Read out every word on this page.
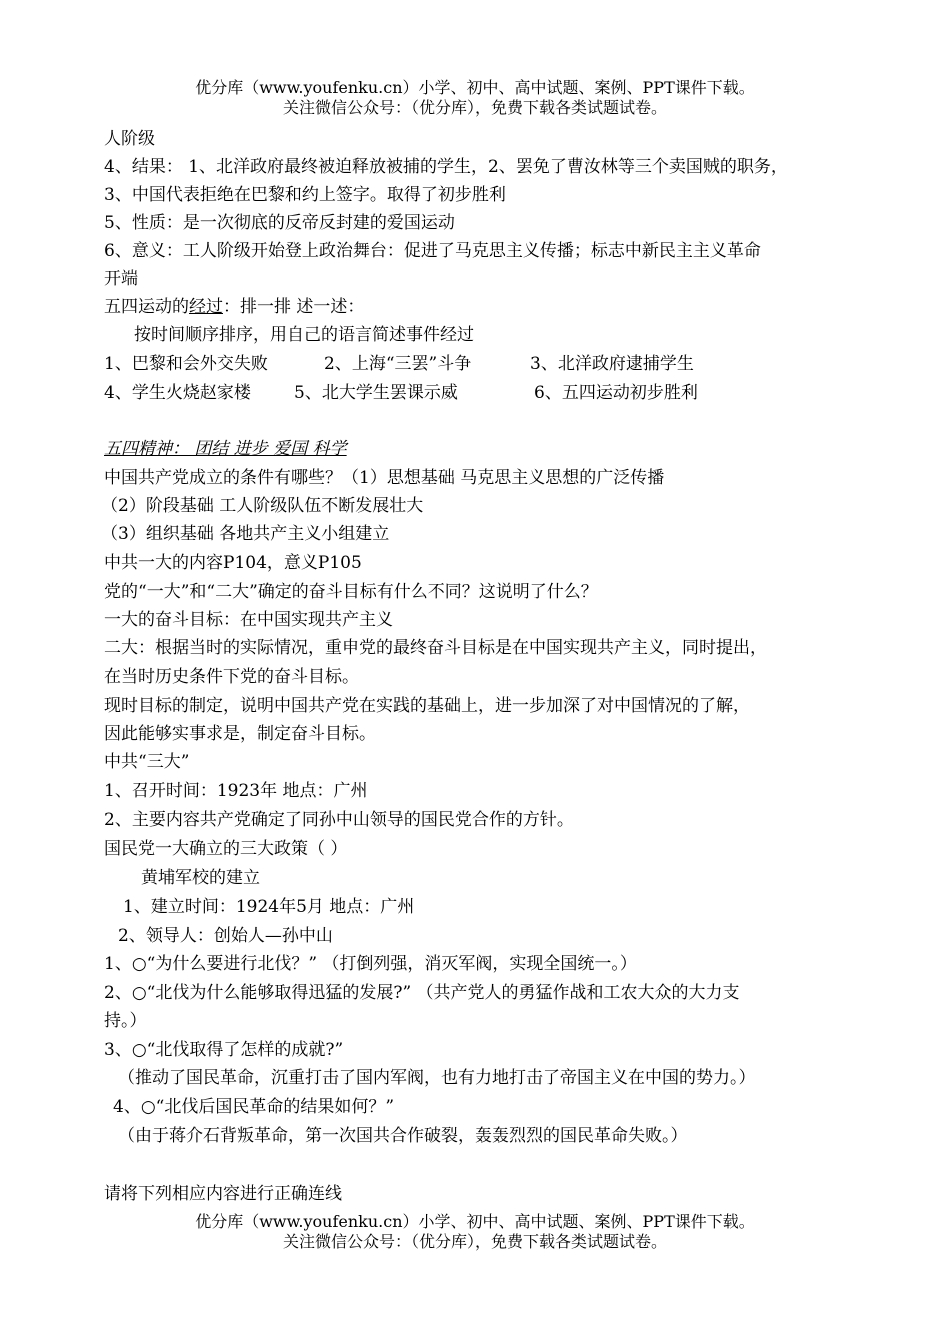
优分库（www.youfenku.cn）小学、初中、高中试题、案例、PPT课件下载。
关注微信公众号：（优分库），免费下载各类试题试卷。
人阶级
4、结果： 1、北洋政府最终被迫释放被捕的学生，2、罢免了曹汝林等三个卖国贼的职务，
3、中国代表拒绝在巴黎和约上签字。取得了初步胜利
5、性质：是一次彻底的反帝反封建的爱国运动
6、意义：工人阶级开始登上政治舞台：促进了马克思主义传播；标志中新民主主义革命
开端
五四运动的经过：排一排 述一述：
按时间顺序排序，用自己的语言简述事件经过
1、巴黎和会外交失败	2、上海“三罢”斗争	3、北洋政府逮捕学生
4、学生火烧赵家楼	5、北大学生罢课示威	6、五四运动初步胜利
五四精神： 团结 进步 爱国 科学
中国共产党成立的条件有哪些？（1）思想基础 马克思主义思想的广泛传播
（2）阶段基础 工人阶级队伍不断发展壮大
（3）组织基础 各地共产主义小组建立
中共一大的内容P104，意义P105
党的“一大”和“二大”确定的奋斗目标有什么不同？这说明了什么？
一大的奋斗目标：在中国实现共产主义
二大：根据当时的实际情况，重申党的最终奋斗目标是在中国实现共产主义，同时提出，
在当时历史条件下党的奋斗目标。
现时目标的制定，说明中国共产党在实践的基础上，进一步加深了对中国情况的了解，
因此能够实事求是，制定奋斗目标。
中共“三大”
1、召开时间：1923年 地点：广州
2、主要内容共产党确定了同孙中山领导的国民党合作的方针。
国民党一大确立的三大政策（ ）
黄埔军校的建立
1、建立时间：1924年5月 地点：广州
2、领导人：创始人—孙中山
1、○“为什么要进行北伐？” （打倒列强，消灭军阀，实现全国统一。）
2、○“北伐为什么能够取得迅猛的发展?” （共产党人的勇猛作战和工农大众的大力支
持。）
3、○“北伐取得了怎样的成就?”
（推动了国民革命，沉重打击了国内军阀，也有力地打击了帝国主义在中国的势力。）
4、○“北伐后国民革命的结果如何？”
（由于蒋介石背叛革命，第一次国共合作破裂，轰轰烈烈的国民革命失败。）
请将下列相应内容进行正确连线
优分库（www.youfenku.cn）小学、初中、高中试题、案例、PPT课件下载。
关注微信公众号：（优分库），免费下载各类试题试卷。
